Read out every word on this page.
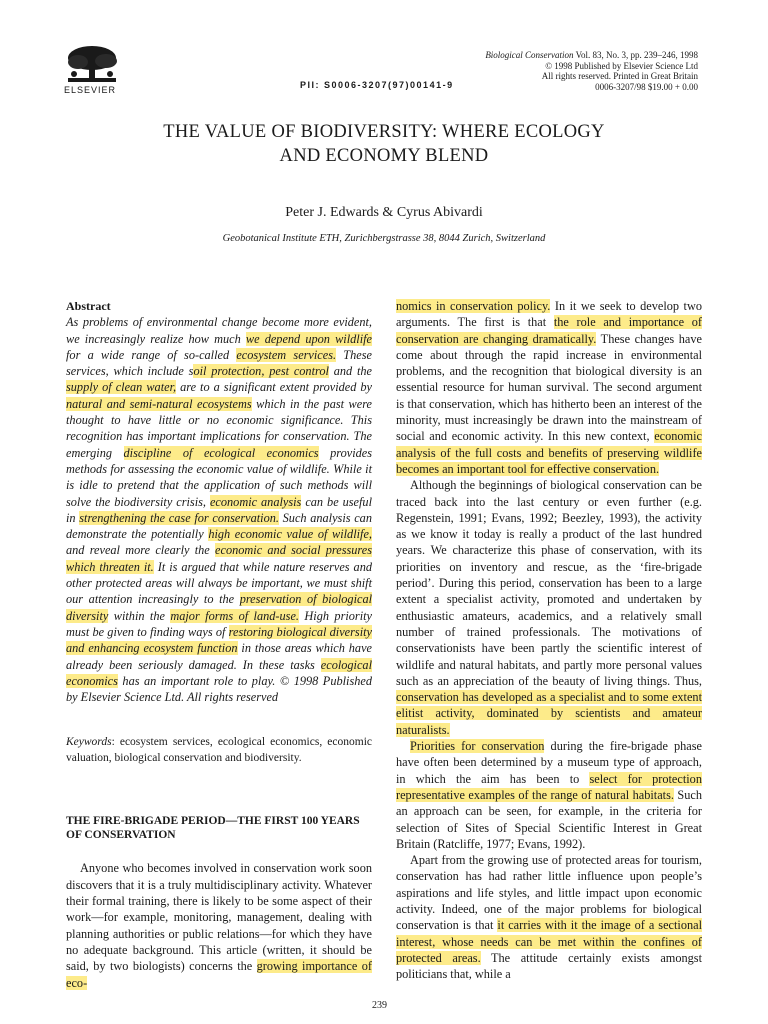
ELSEVIER	PII: S0006-3207(97)00141-9
Biological Conservation Vol. 83, No. 3, pp. 239–246, 1998
© 1998 Published by Elsevier Science Ltd
All rights reserved. Printed in Great Britain
0006-3207/98 $19.00 + 0.00
THE VALUE OF BIODIVERSITY: WHERE ECOLOGY
AND ECONOMY BLEND
Peter J. Edwards & Cyrus Abivardi
Geobotanical Institute ETH, Zurichbergstrasse 38, 8044 Zurich, Switzerland

Abstract

As problems of environmental change become more evident, we increasingly realize how much we depend upon wildlife for a wide range of so-called ecosystem services. These services, which include soil protection, pest control and the supply of clean water, are to a significant extent provided by natural and semi-natural ecosystems which in the past were thought to have little or no economic significance. This recognition has important implications for conservation. The emerging discipline of ecological economics provides methods for assessing the economic value of wildlife. While it is idle to pretend that the application of such methods will solve the biodiversity crisis, economic analysis can be useful in strengthening the case for conservation. Such analysis can demonstrate the potentially high economic value of wildlife, and reveal more clearly the economic and social pressures which threaten it. It is argued that while nature reserves and other protected areas will always be important, we must shift our attention increasingly to the preservation of biological diversity within the major forms of land-use. High priority must be given to finding ways of restoring biological diversity and enhancing ecosystem function in those areas which have already been seriously damaged. In these tasks ecological economics has an important role to play. © 1998 Published by Elsevier Science Ltd. All rights reserved

Keywords: ecosystem services, ecological economics, economic valuation, biological conservation and biodiversity.

THE FIRE-BRIGADE PERIOD—THE FIRST 100 YEARS OF CONSERVATION

Anyone who becomes involved in conservation work soon discovers that it is a truly multidisciplinary activity. Whatever their formal training, there is likely to be some aspect of their work—for example, monitoring, management, dealing with planning authorities or public relations—for which they have no adequate background. This article (written, it should be said, by two biologists) concerns the growing importance of eco-

nomics in conservation policy. In it we seek to develop two arguments. The first is that the role and importance of conservation are changing dramatically. These changes have come about through the rapid increase in environmental problems, and the recognition that biological diversity is an essential resource for human survival. The second argument is that conservation, which has hitherto been an interest of the minority, must increasingly be drawn into the mainstream of social and economic activity. In this new context, economic analysis of the full costs and benefits of preserving wildlife becomes an important tool for effective conservation.

Although the beginnings of biological conservation can be traced back into the last century or even further (e.g. Regenstein, 1991; Evans, 1992; Beezley, 1993), the activity as we know it today is really a product of the last hundred years. We characterize this phase of conservation, with its priorities on inventory and rescue, as the ‘fire-brigade period’. During this period, conservation has been to a large extent a specialist activity, promoted and undertaken by enthusiastic amateurs, academics, and a relatively small number of trained professionals. The motivations of conservationists have been partly the scientific interest of wildlife and natural habitats, and partly more personal values such as an appreciation of the beauty of living things. Thus, conservation has developed as a specialist and to some extent elitist activity, dominated by scientists and amateur naturalists.

Priorities for conservation during the fire-brigade phase have often been determined by a museum type of approach, in which the aim has been to select for protection representative examples of the range of natural habitats. Such an approach can be seen, for example, in the criteria for selection of Sites of Special Scientific Interest in Great Britain (Ratcliffe, 1977; Evans, 1992).

Apart from the growing use of protected areas for tourism, conservation has had rather little influence upon people’s aspirations and life styles, and little impact upon economic activity. Indeed, one of the major problems for biological conservation is that it carries with it the image of a sectional interest, whose needs can be met within the confines of protected areas. The attitude certainly exists amongst politicians that, while a

239
